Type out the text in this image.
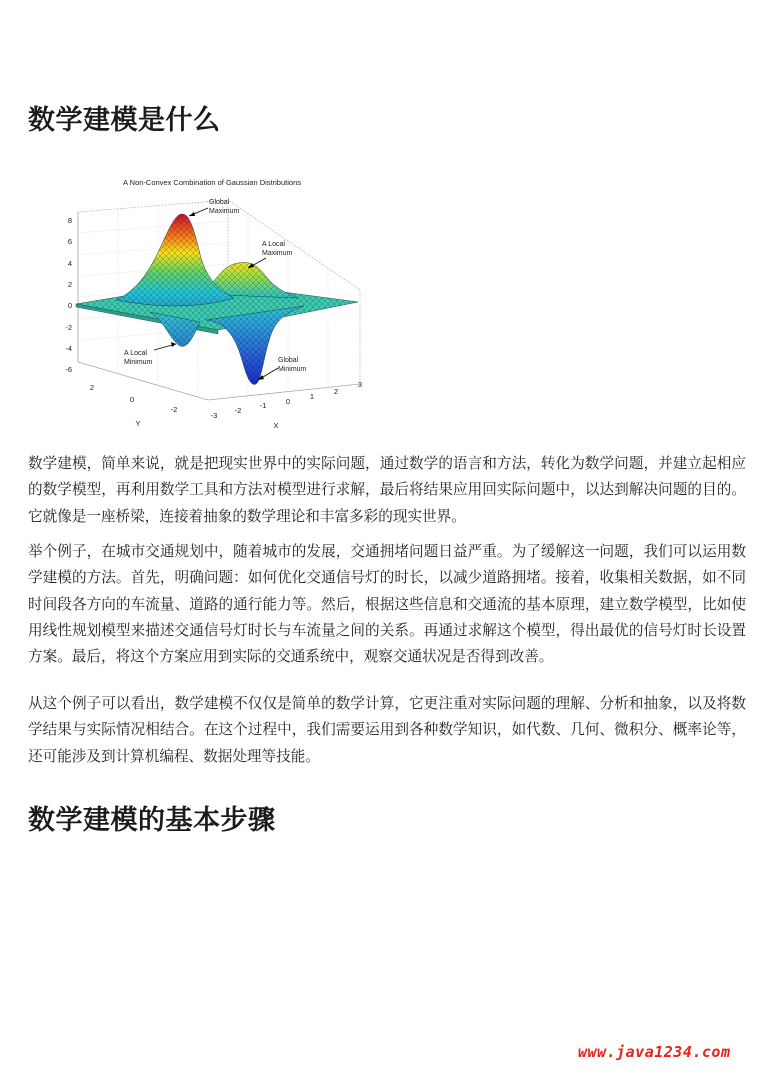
数学建模是什么
A Non-Convex Combination of Gaussian Distributions
Global
Maximum
A Local
Maximum
A Local
Minimum	Global
Minimum
8
6
4
2
0
-2
-4
-6
2
0
-2
Y
-3
-2
-1	0
1
2
3
X

数学建模，简单来说，就是把现实世界中的实际问题，通过数学的语言和方法，转化为数学问题，并建立起相应的数学模型，再利用数学工具和方法对模型进行求解，最后将结果应用回实际问题中，以达到解决问题的目的。它就像是一座桥梁，连接着抽象的数学理论和丰富多彩的现实世界。

举个例子，在城市交通规划中，随着城市的发展，交通拥堵问题日益严重。为了缓解这一问题，我们可以运用数学建模的方法。首先，明确问题：如何优化交通信号灯的时长，以减少道路拥堵。接着，收集相关数据，如不同时间段各方向的车流量、道路的通行能力等。然后，根据这些信息和交通流的基本原理，建立数学模型，比如使用线性规划模型来描述交通信号灯时长与车流量之间的关系。再通过求解这个模型，得出最优的信号灯时长设置方案。最后，将这个方案应用到实际的交通系统中，观察交通状况是否得到改善。

从这个例子可以看出，数学建模不仅仅是简单的数学计算，它更注重对实际问题的理解、分析和抽象，以及将数学结果与实际情况相结合。在这个过程中，我们需要运用到各种数学知识，如代数、几何、微积分、概率论等，还可能涉及到计算机编程、数据处理等技能。

数学建模的基本步骤
www.java1234.com
